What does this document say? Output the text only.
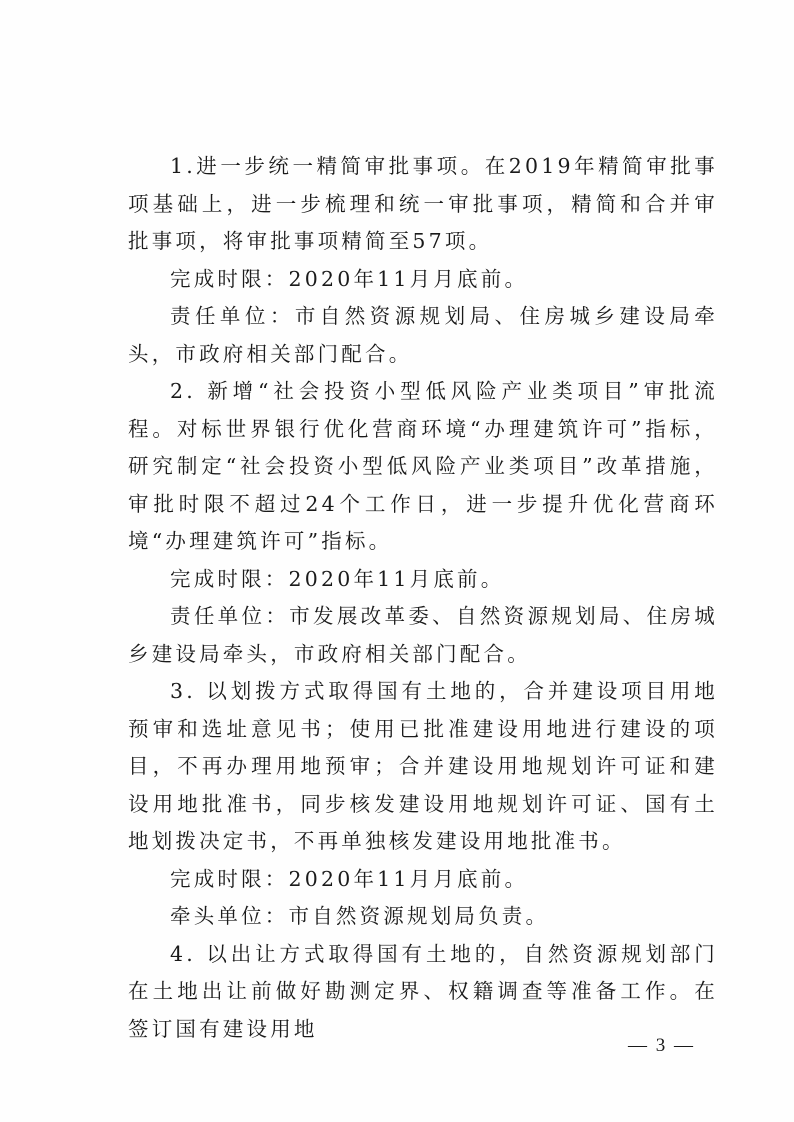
1.进一步统一精简审批事项。在2019年精简审批事项基础上，进一步梳理和统一审批事项，精简和合并审批事项，将审批事项精简至57项。

完成时限：2020年11月月底前。

责任单位：市自然资源规划局、住房城乡建设局牵头，市政府相关部门配合。

2. 新增“社会投资小型低风险产业类项目”审批流程。对标世界银行优化营商环境“办理建筑许可”指标，研究制定“社会投资小型低风险产业类项目”改革措施，审批时限不超过24个工作日，进一步提升优化营商环境“办理建筑许可”指标。

完成时限：2020年11月底前。

责任单位：市发展改革委、自然资源规划局、住房城乡建设局牵头，市政府相关部门配合。

3. 以划拨方式取得国有土地的，合并建设项目用地预审和选址意见书；使用已批准建设用地进行建设的项目，不再办理用地预审；合并建设用地规划许可证和建设用地批准书，同步核发建设用地规划许可证、国有土地划拨决定书，不再单独核发建设用地批准书。

完成时限：2020年11月月底前。

牵头单位：市自然资源规划局负责。

4. 以出让方式取得国有土地的，自然资源规划部门在土地出让前做好勘测定界、权籍调查等准备工作。在签订国有建设用地

— 3 —
